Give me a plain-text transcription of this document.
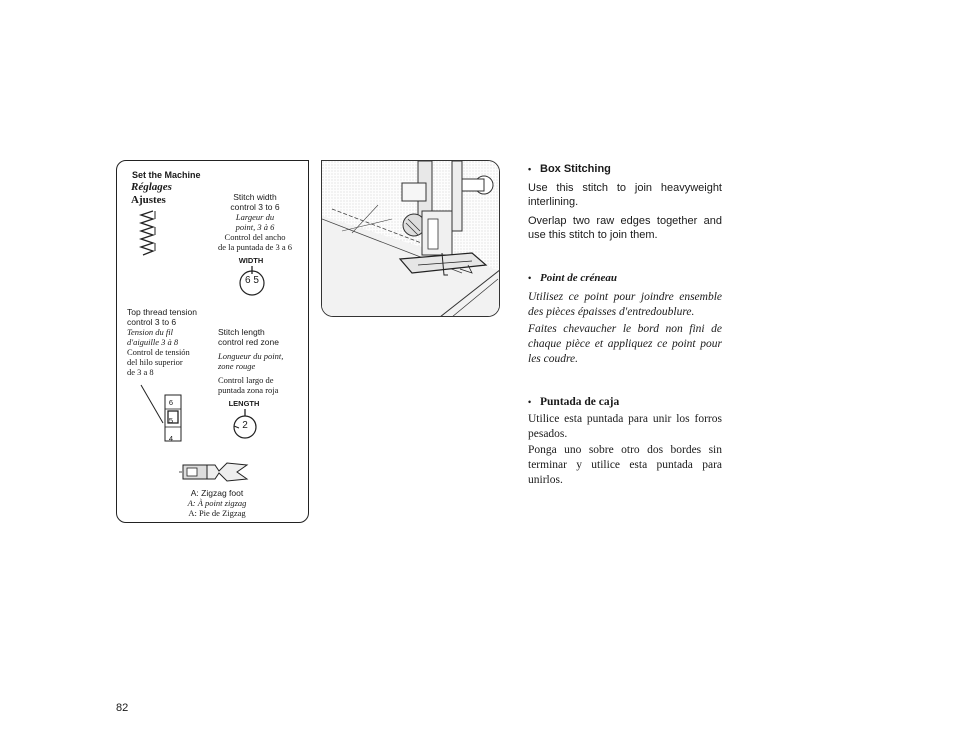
Set the Machine
Réglages
Ajustes	Stitch width
control 3 to 6
Largeur du
point, 3 à 6
Control del ancho
de la puntada de 3 a 6
WIDTH
6 5
Top thread tension
control 3 to 6
Tension du fil
d'aiguille 3 à 8
Control de tensión
del hilo superior
de 3 a 8
6
5
4
Stitch length
control red zone
Longueur du point,
zone rouge
Control largo de
puntada zona roja
LENGTH
2
A: Zigzag foot
A: À point zigzag
A: Pie de Zigzag
• Box Stitching
Use this stitch to join heavyweight interlining.
Overlap two raw edges together and use this stitch to join them.
• Point de créneau
Utilisez ce point pour joindre ensemble des pièces épaisses d'entredoublure.
Faites chevaucher le bord non fini de chaque pièce et appliquez ce point pour les coudre.
• Puntada de caja
Utilice esta puntada para unir los forros pesados.
Ponga uno sobre otro dos bordes sin terminar y utilice esta puntada para unirlos.
82
